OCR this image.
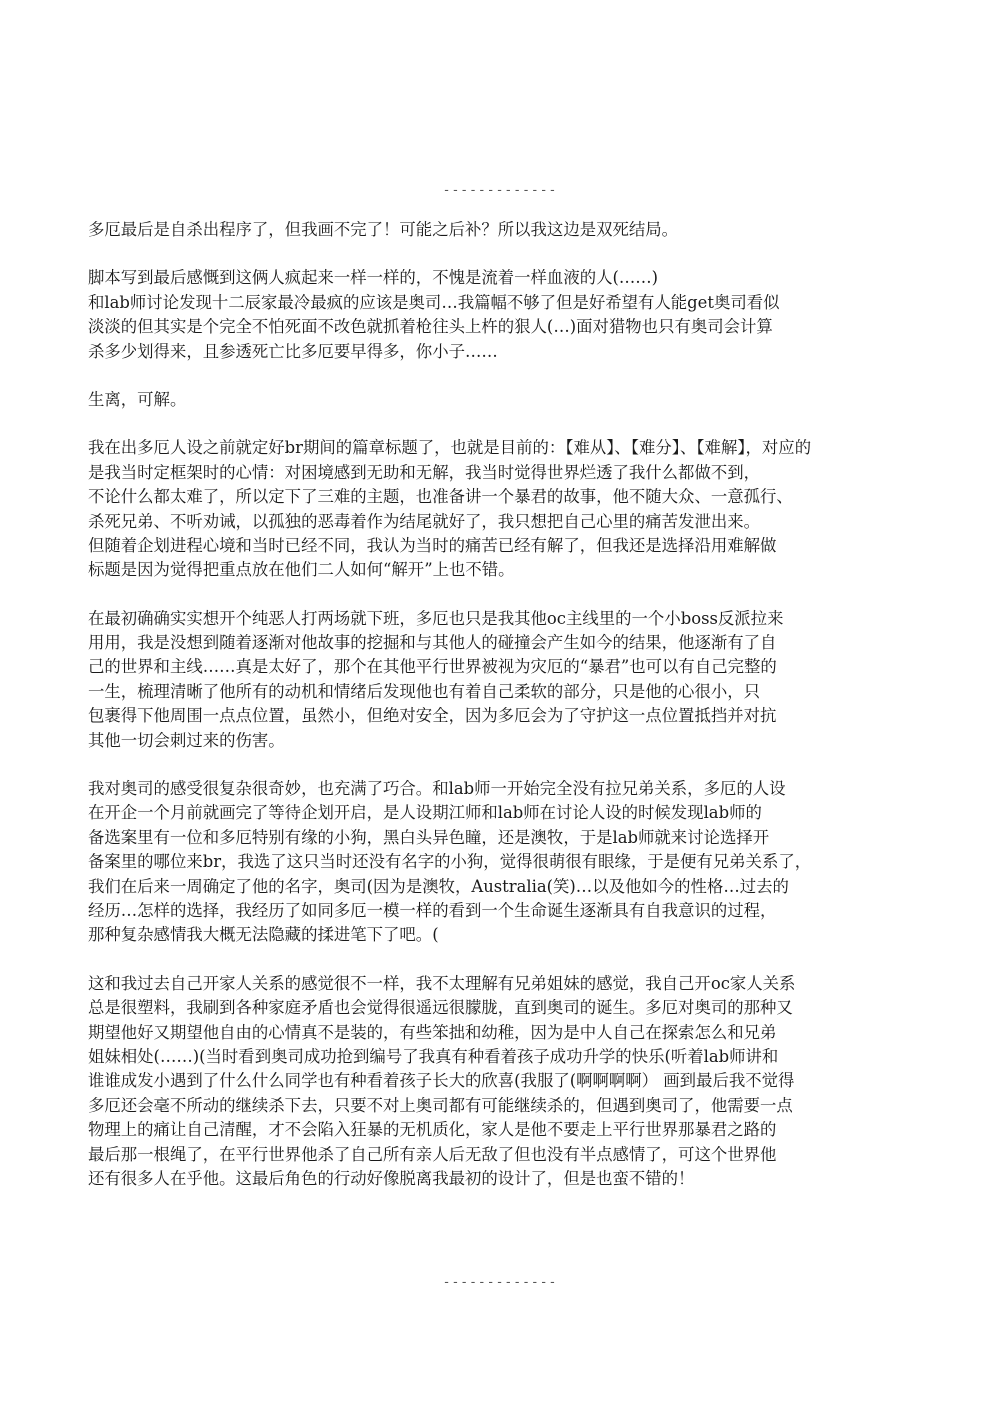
-------------

多厄最后是自杀出程序了，但我画不完了！可能之后补？所以我这边是双死结局。

脚本写到最后感慨到这俩人疯起来一样一样的，不愧是流着一样血液的人(……)
和lab师讨论发现十二辰家最冷最疯的应该是奥司…我篇幅不够了但是好希望有人能get奥司看似
淡淡的但其实是个完全不怕死面不改色就抓着枪往头上杵的狠人(…)面对猎物也只有奥司会计算
杀多少划得来，且参透死亡比多厄要早得多，你小子……

生离，可解。

我在出多厄人设之前就定好br期间的篇章标题了，也就是目前的：【难从】、【难分】、【难解】，对应的
是我当时定框架时的心情：对困境感到无助和无解，我当时觉得世界烂透了我什么都做不到，
不论什么都太难了，所以定下了三难的主题，也准备讲一个暴君的故事，他不随大众、一意孤行、
杀死兄弟、不听劝诫，以孤独的恶毒着作为结尾就好了，我只想把自己心里的痛苦发泄出来。
但随着企划进程心境和当时已经不同，我认为当时的痛苦已经有解了，但我还是选择沿用难解做
标题是因为觉得把重点放在他们二人如何“解开”上也不错。

在最初确确实实想开个纯恶人打两场就下班，多厄也只是我其他oc主线里的一个小boss反派拉来
用用，我是没想到随着逐渐对他故事的挖掘和与其他人的碰撞会产生如今的结果，他逐渐有了自
己的世界和主线……真是太好了，那个在其他平行世界被视为灾厄的“暴君”也可以有自己完整的
一生，梳理清晰了他所有的动机和情绪后发现他也有着自己柔软的部分，只是他的心很小，只
包裹得下他周围一点点位置，虽然小，但绝对安全，因为多厄会为了守护这一点位置抵挡并对抗
其他一切会刺过来的伤害。

我对奥司的感受很复杂很奇妙，也充满了巧合。和lab师一开始完全没有拉兄弟关系，多厄的人设
在开企一个月前就画完了等待企划开启，是人设期江师和lab师在讨论人设的时候发现lab师的
备选案里有一位和多厄特别有缘的小狗，黑白头异色瞳，还是澳牧，于是lab师就来讨论选择开
备案里的哪位来br，我选了这只当时还没有名字的小狗，觉得很萌很有眼缘，于是便有兄弟关系了，
我们在后来一周确定了他的名字，奥司(因为是澳牧，Australia(笑)…以及他如今的性格…过去的
经历…怎样的选择，我经历了如同多厄一模一样的看到一个生命诞生逐渐具有自我意识的过程，
那种复杂感情我大概无法隐藏的揉进笔下了吧。(

这和我过去自己开家人关系的感觉很不一样，我不太理解有兄弟姐妹的感觉，我自己开oc家人关系
总是很塑料，我刷到各种家庭矛盾也会觉得很遥远很朦胧，直到奥司的诞生。多厄对奥司的那种又
期望他好又期望他自由的心情真不是装的，有些笨拙和幼稚，因为是中人自己在探索怎么和兄弟
姐妹相处(……)(当时看到奥司成功抢到编号了我真有种看着孩子成功升学的快乐(听着lab师讲和
谁谁成发小遇到了什么什么同学也有种看着孩子长大的欣喜(我服了(啊啊啊啊） 画到最后我不觉得
多厄还会毫不所动的继续杀下去，只要不对上奥司都有可能继续杀的，但遇到奥司了，他需要一点
物理上的痛让自己清醒，才不会陷入狂暴的无机质化，家人是他不要走上平行世界那暴君之路的
最后那一根绳了，在平行世界他杀了自己所有亲人后无敌了但也没有半点感情了，可这个世界他
还有很多人在乎他。这最后角色的行动好像脱离我最初的设计了，但是也蛮不错的！

-------------
